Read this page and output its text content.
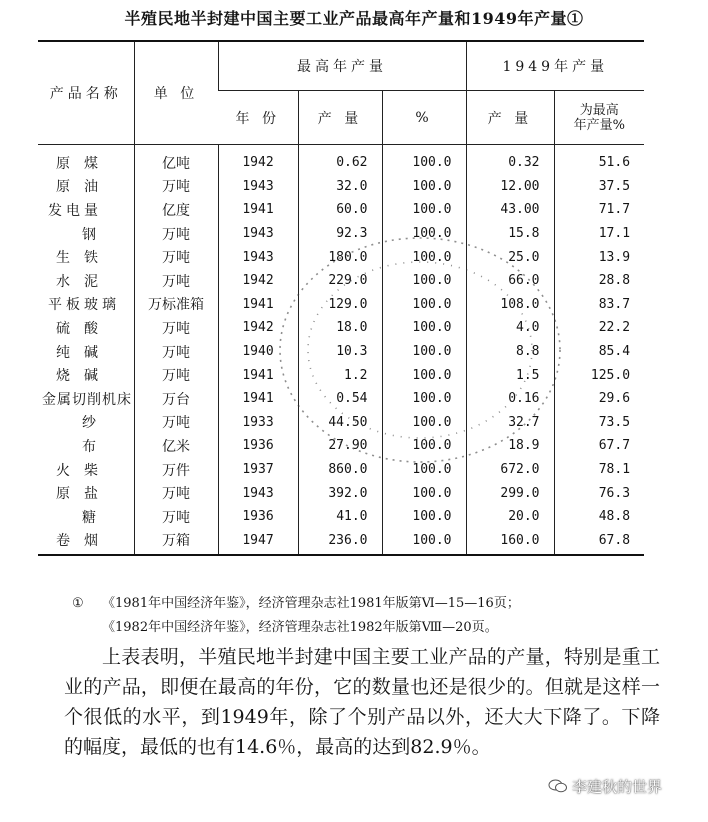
半殖民地半封建中国主要工业产品最高年产量和1949年产量①
产品名称	单 位	最高年产量			1949年产量	
		年 份	产 量	%	产 量	为最高
年产量%
原煤	亿吨	1942	0.62	100.0	0.32	51.6
原油	万吨	1943	32.0	100.0	12.00	37.5
发电量	亿度	1941	60.0	100.0	43.00	71.7
钢	万吨	1943	92.3	100.0	15.8	17.1
生铁	万吨	1943	180.0	100.0	25.0	13.9
水泥	万吨	1942	229.0	100.0	66.0	28.8
平板玻璃	万标准箱	1941	129.0	100.0	108.0	83.7
硫酸	万吨	1942	18.0	100.0	4.0	22.2
纯碱	万吨	1940	10.3	100.0	8.8	85.4
烧碱	万吨	1941	1.2	100.0	1.5	125.0
金属切削机床	万台	1941	0.54	100.0	0.16	29.6
纱	万吨	1933	44.50	100.0	32.7	73.5
布	亿米	1936	27.90	100.0	18.9	67.7
火柴	万件	1937	860.0	100.0	672.0	78.1
原盐	万吨	1943	392.0	100.0	299.0	76.3
糖	万吨	1936	41.0	100.0	20.0	48.8
卷烟	万箱	1947	236.0	100.0	160.0	67.8
① 《1981年中国经济年鉴》，经济管理杂志社1981年版第Ⅵ—15—16页；
《1982年中国经济年鉴》，经济管理杂志社1982年版第Ⅷ—20页。

上表表明，半殖民地半封建中国主要工业产品的产量，特别是重工业的产品，即便在最高的年份，它的数量也还是很少的。但就是这样一个很低的水平，到1949年，除了个别产品以外，还大大下降了。下降的幅度，最低的也有14.6％，最高的达到82.9％。

李建秋的世界
